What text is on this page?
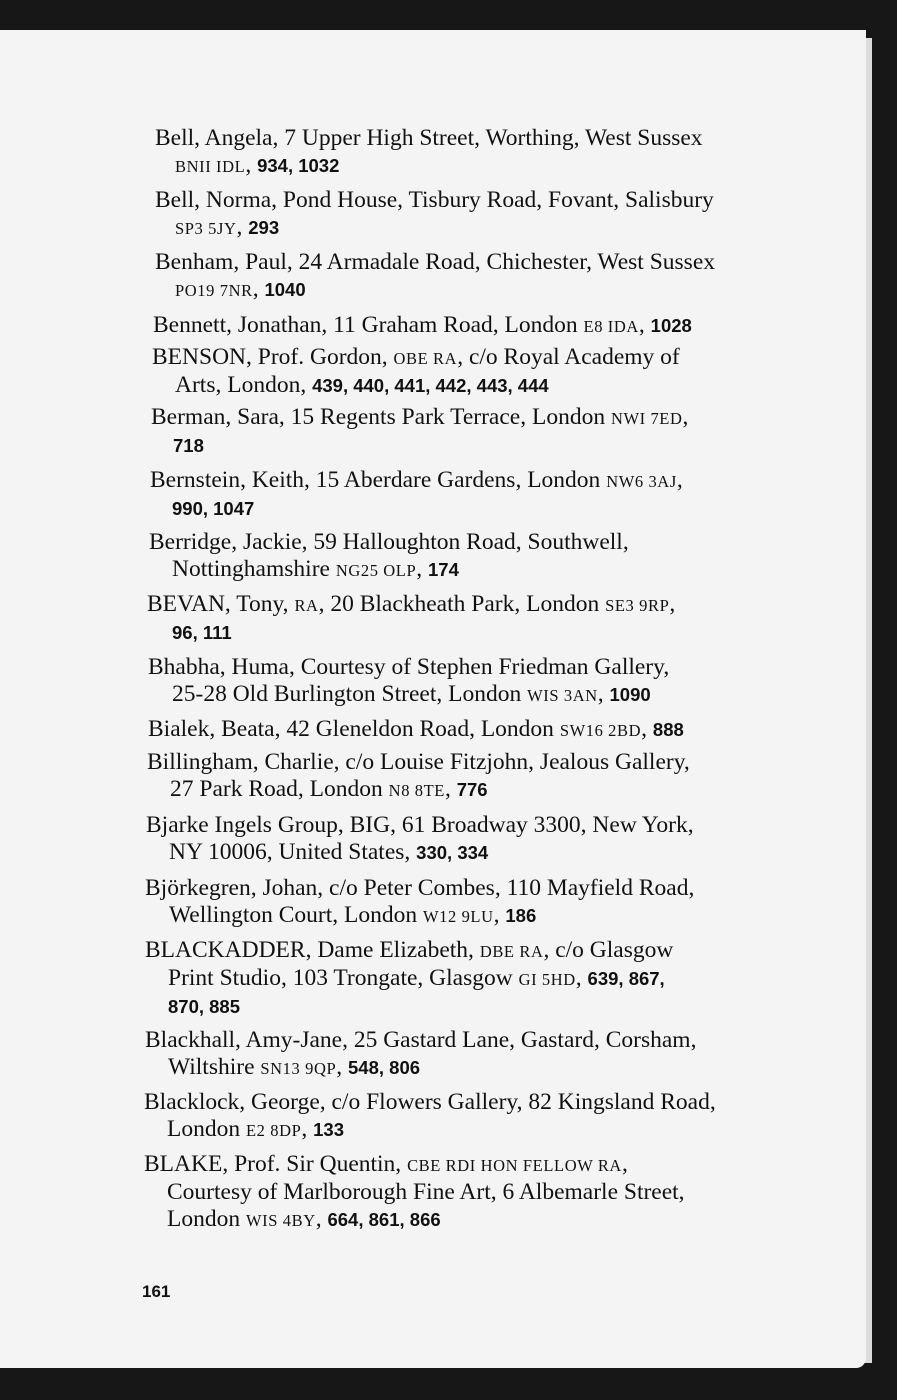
Bell, Angela, 7 Upper High Street, Worthing, West Sussex
BNII IDL, 934, 1032
Bell, Norma, Pond House, Tisbury Road, Fovant, Salisbury
SP3 5JY, 293
Benham, Paul, 24 Armadale Road, Chichester, West Sussex
PO19 7NR, 1040
Bennett, Jonathan, 11 Graham Road, London E8 IDA, 1028
BENSON, Prof. Gordon, OBE RA, c/o Royal Academy of
Arts, London, 439, 440, 441, 442, 443, 444
Berman, Sara, 15 Regents Park Terrace, London NWI 7ED,
718
Bernstein, Keith, 15 Aberdare Gardens, London NW6 3AJ,
990, 1047
Berridge, Jackie, 59 Halloughton Road, Southwell,
Nottinghamshire NG25 OLP, 174
BEVAN, Tony, RA, 20 Blackheath Park, London SE3 9RP,
96, 111
Bhabha, Huma, Courtesy of Stephen Friedman Gallery,
25-28 Old Burlington Street, London WIS 3AN, 1090
Bialek, Beata, 42 Gleneldon Road, London SW16 2BD, 888
Billingham, Charlie, c/o Louise Fitzjohn, Jealous Gallery,
27 Park Road, London N8 8TE, 776
Bjarke Ingels Group, BIG, 61 Broadway 3300, New York,
NY 10006, United States, 330, 334
Björkegren, Johan, c/o Peter Combes, 110 Mayfield Road,
Wellington Court, London W12 9LU, 186
BLACKADDER, Dame Elizabeth, DBE RA, c/o Glasgow
Print Studio, 103 Trongate, Glasgow GI 5HD, 639, 867,
870, 885
Blackhall, Amy-Jane, 25 Gastard Lane, Gastard, Corsham,
Wiltshire SN13 9QP, 548, 806
Blacklock, George, c/o Flowers Gallery, 82 Kingsland Road,
London E2 8DP, 133
BLAKE, Prof. Sir Quentin, CBE RDI HON FELLOW RA,
Courtesy of Marlborough Fine Art, 6 Albemarle Street,
London WIS 4BY, 664, 861, 866
161
